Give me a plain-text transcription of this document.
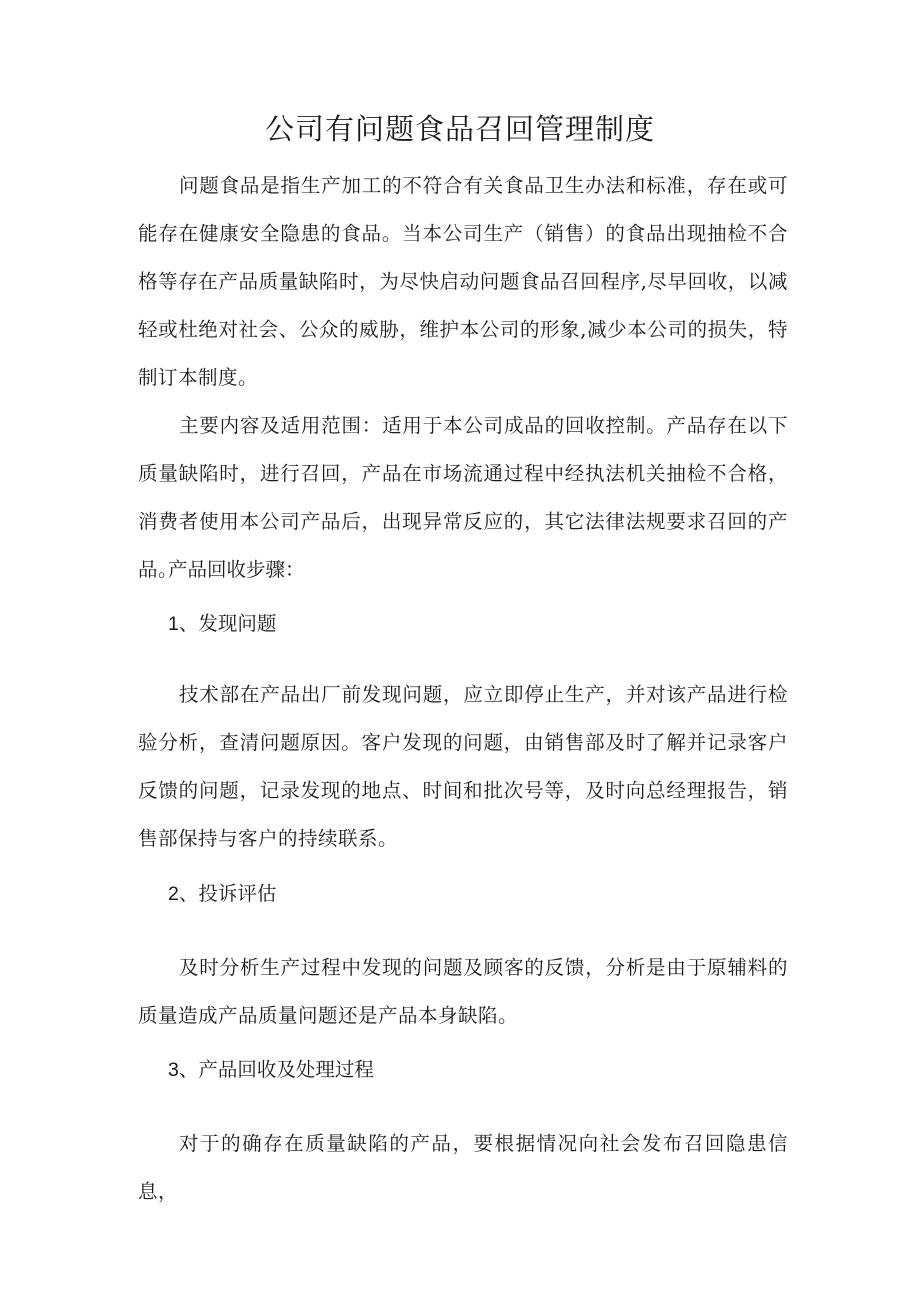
公司有问题食品召回管理制度

问题食品是指生产加工的不符合有关食品卫生办法和标准，存在或可能存在健康安全隐患的食品。当本公司生产（销售）的食品出现抽检不合格等存在产品质量缺陷时，为尽快启动问题食品召回程序,尽早回收，以减轻或杜绝对社会、公众的威胁，维护本公司的形象,减少本公司的损失，特制订本制度。

主要内容及适用范围：适用于本公司成品的回收控制。产品存在以下质量缺陷时，进行召回，产品在市场流通过程中经执法机关抽检不合格，消费者使用本公司产品后，出现异常反应的，其它法律法规要求召回的产品。

产品回收步骤：

1、发现问题

技术部在产品出厂前发现问题，应立即停止生产，并对该产品进行检验分析，查清问题原因。客户发现的问题，由销售部及时了解并记录客户反馈的问题，记录发现的地点、时间和批次号等，及时向总经理报告，销售部保持与客户的持续联系。

2、投诉评估

及时分析生产过程中发现的问题及顾客的反馈，分析是由于原辅料的质量造成产品质量问题还是产品本身缺陷。

3、产品回收及处理过程

对于的确存在质量缺陷的产品，要根据情况向社会发布召回隐患信息，
